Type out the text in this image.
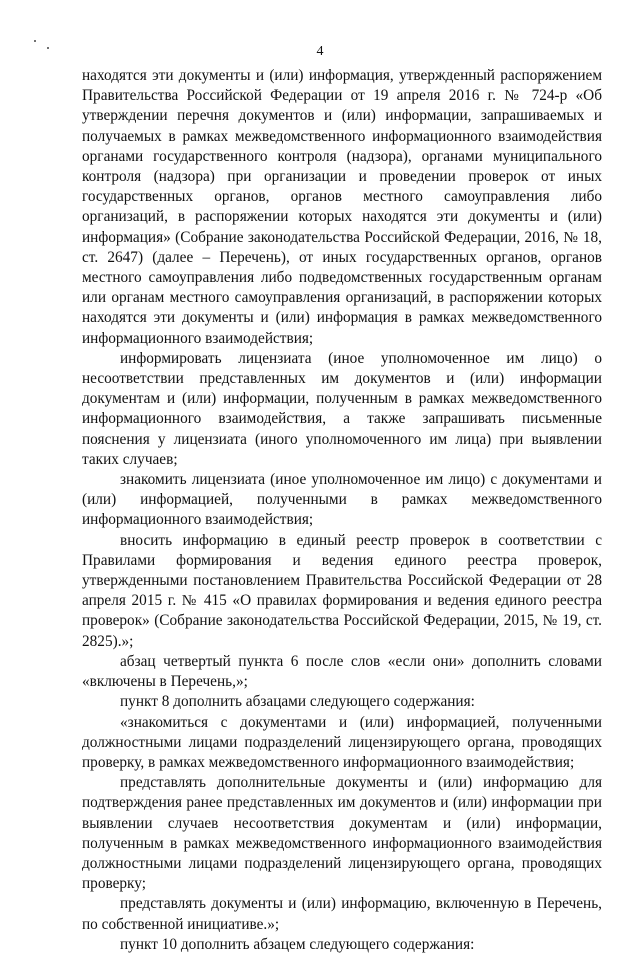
4

находятся эти документы и (или) информация, утвержденный распоряжением Правительства Российской Федерации от 19 апреля 2016 г. № 724-р «Об утверждении перечня документов и (или) информации, запрашиваемых и получаемых в рамках межведомственного информационного взаимодействия органами государственного контроля (надзора), органами муниципального контроля (надзора) при организации и проведении проверок от иных государственных органов, органов местного самоуправления либо организаций, в распоряжении которых находятся эти документы и (или) информация» (Собрание законодательства Российской Федерации, 2016, № 18, ст. 2647) (далее – Перечень), от иных государственных органов, органов местного самоуправления либо подведомственных государственным органам или органам местного самоуправления организаций, в распоряжении которых находятся эти документы и (или) информация в рамках межведомственного информационного взаимодействия;

информировать лицензиата (иное уполномоченное им лицо) о несоответствии представленных им документов и (или) информации документам и (или) информации, полученным в рамках межведомственного информационного взаимодействия, а также запрашивать письменные пояснения у лицензиата (иного уполномоченного им лица) при выявлении таких случаев;

знакомить лицензиата (иное уполномоченное им лицо) с документами и (или) информацией, полученными в рамках межведомственного информационного взаимодействия;

вносить информацию в единый реестр проверок в соответствии с Правилами формирования и ведения единого реестра проверок, утвержденными постановлением Правительства Российской Федерации от 28 апреля 2015 г. № 415 «О правилах формирования и ведения единого реестра проверок» (Собрание законодательства Российской Федерации, 2015, № 19, ст. 2825).»;

абзац четвертый пункта 6 после слов «если они» дополнить словами «включены в Перечень,»;

пункт 8 дополнить абзацами следующего содержания:

«знакомиться с документами и (или) информацией, полученными должностными лицами подразделений лицензирующего органа, проводящих проверку, в рамках межведомственного информационного взаимодействия;

представлять дополнительные документы и (или) информацию для подтверждения ранее представленных им документов и (или) информации при выявлении случаев несоответствия документам и (или) информации, полученным в рамках межведомственного информационного взаимодействия должностными лицами подразделений лицензирующего органа, проводящих проверку;

представлять документы и (или) информацию, включенную в Перечень, по собственной инициативе.»;

пункт 10 дополнить абзацем следующего содержания:
